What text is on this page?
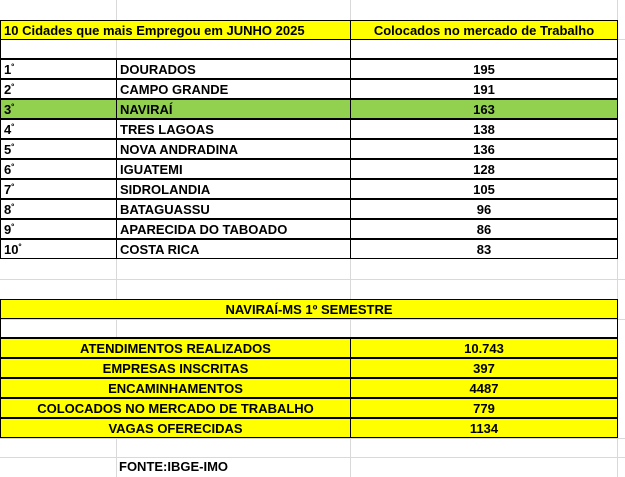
10 Cidades que mais Empregou em JUNHO 2025	Colocados no mercado de Trabalho
$1^º$	DOURADOS	195
$2^º$	CAMPO GRANDE	191
$3^º$	NAVIRAÍ	163
$4^º$	TRES LAGOAS	138
$5^º$	NOVA ANDRADINA	136
$6^º$	IGUATEMI	128
$7^º$	SIDROLANDIA	105
$8^º$	BATAGUASSU	96
$9^º$	APARECIDA DO TABOADO	86
$10^º$	COSTA RICA	83
NAVIRAÍ-MS 1º SEMESTRE
ATENDIMENTOS REALIZADOS	10.743
EMPRESAS INSCRITAS	397
ENCAMINHAMENTOS	4487
COLOCADOS NO MERCADO DE TRABALHO	779
VAGAS OFERECIDAS	1134
FONTE:IBGE-IMO
